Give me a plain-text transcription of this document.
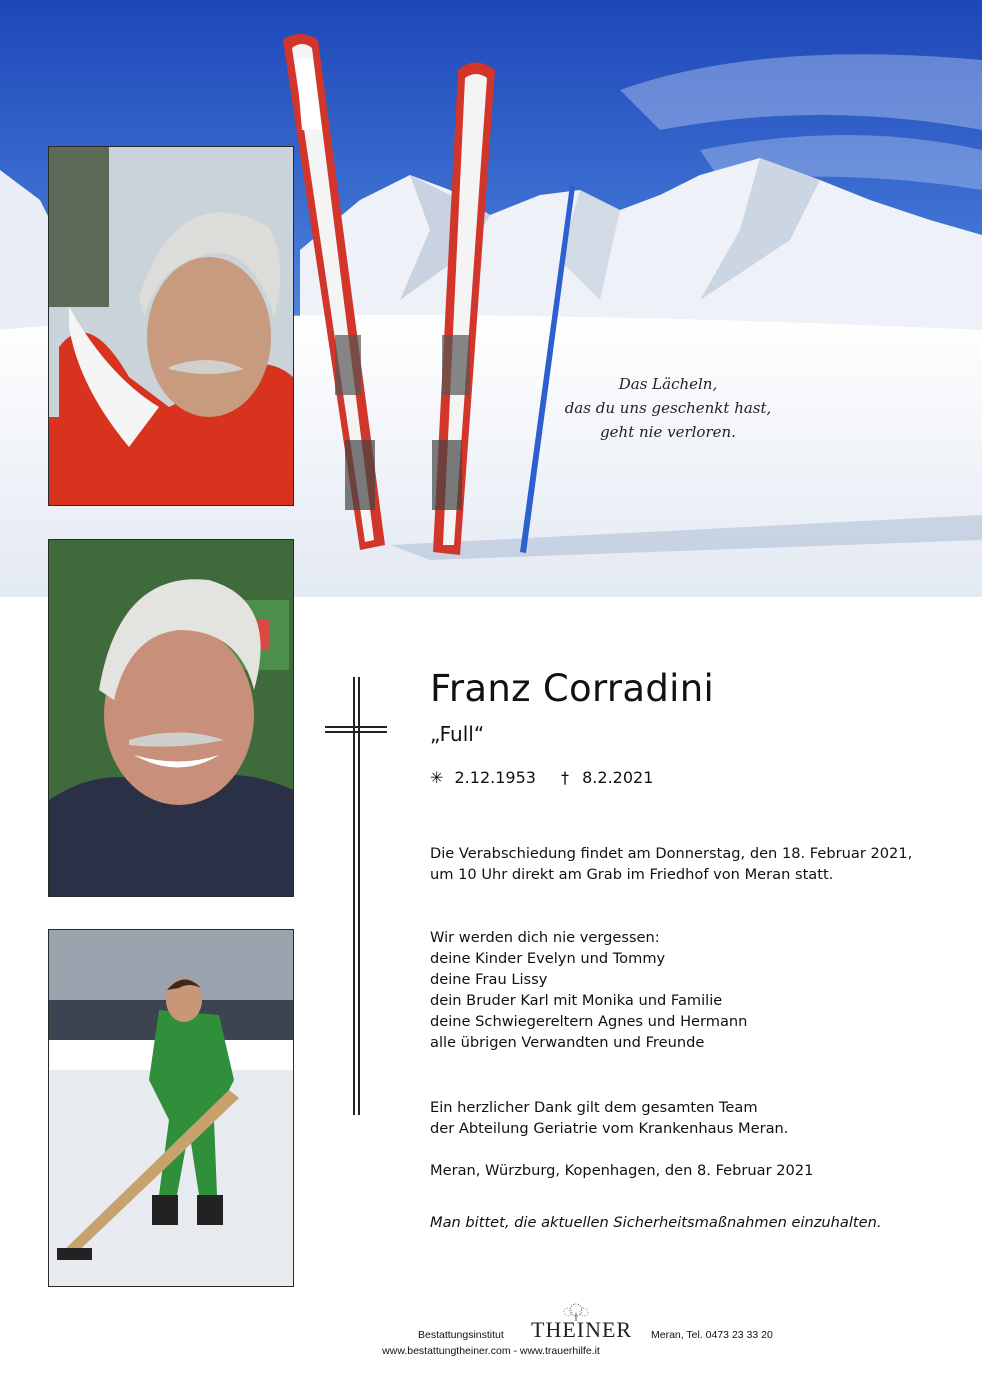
Das Lächeln,
das du uns geschenkt hast,
geht nie verloren.
Franz Corradini
„Full“
✳ 2.12.1953 † 8.2.2021
Die Verabschiedung findet am Donnerstag, den 18. Februar 2021,
um 10 Uhr direkt am Grab im Friedhof von Meran statt.
Wir werden dich nie vergessen:
deine Kinder Evelyn und Tommy
deine Frau Lissy
dein Bruder Karl mit Monika und Familie
deine Schwiegereltern Agnes und Hermann
alle übrigen Verwandten und Freunde
Ein herzlicher Dank gilt dem gesamten Team
der Abteilung Geriatrie vom Krankenhaus Meran.
Meran, Würzburg, Kopenhagen, den 8. Februar 2021
Man bittet, die aktuellen Sicherheitsmaßnahmen einzuhalten.
Bestattungsinstitut THEINER Meran, Tel. 0473 23 33 20
www.bestattungtheiner.com - www.trauerhilfe.it
